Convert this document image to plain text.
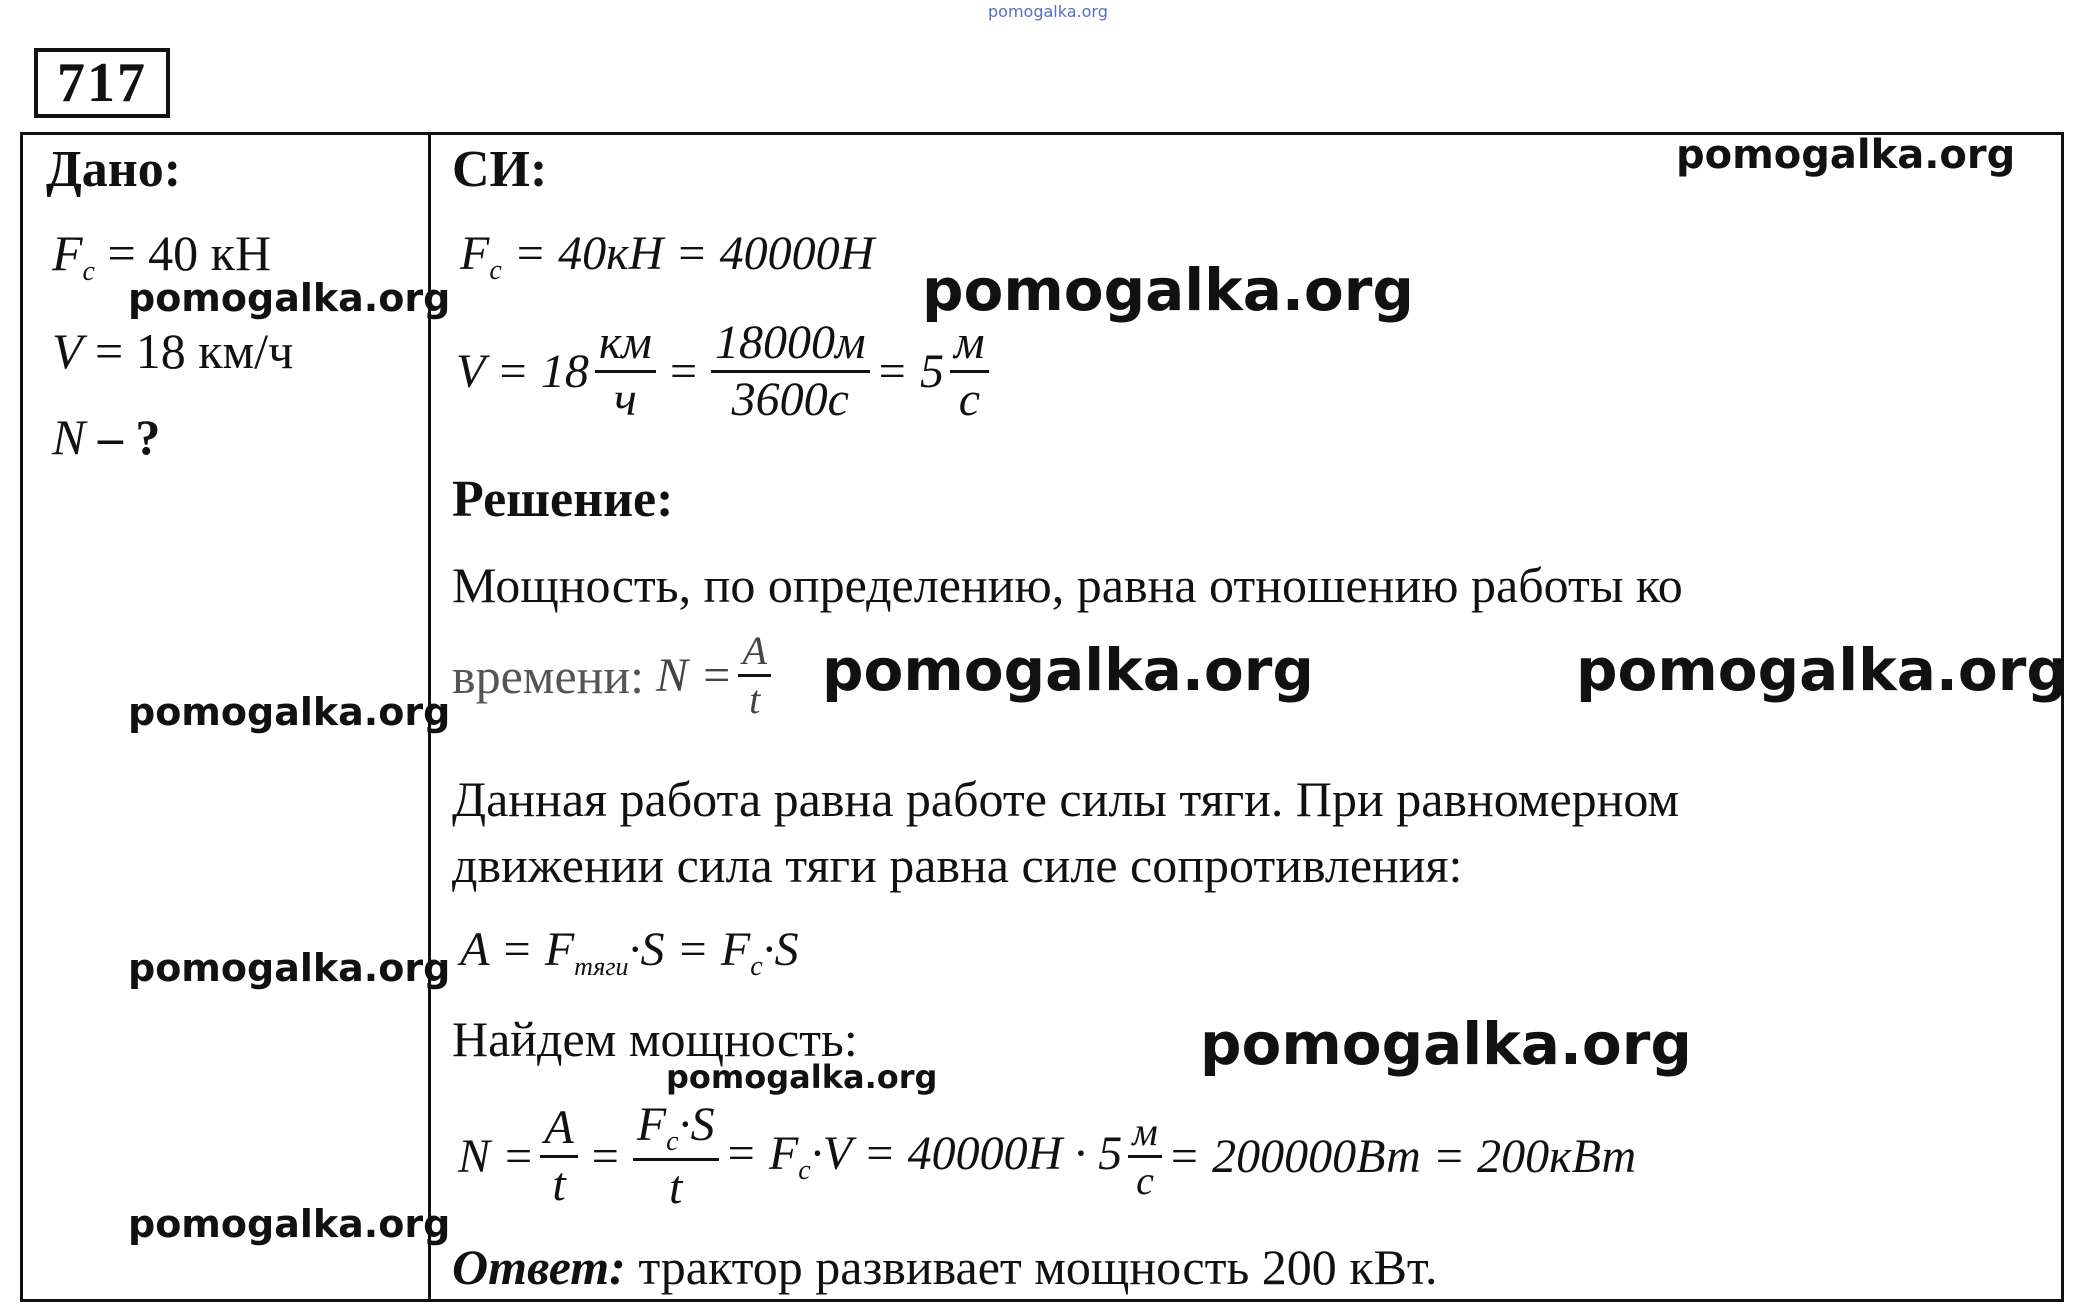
pomogalka.org
717
Дано:
$F_c = 40$ кН
V = 18 км/ч
N – ?
pomogalka.org
pomogalka.org
pomogalka.org
pomogalka.org
СИ:	pomogalka.org
$F_c = 40кН = 40000Н$
pomogalka.org
$V = 18 \frac{км}{ч} = \frac{18000м}{3600с} = 5 \frac{м}{с}$
Решение:
Мощность, по определению, равна отношению работы ко
времени: $N = \frac{A}{t}$ pomogalka.org	pomogalka.org
Данная работа равна работе силы тяги. При равномерном
движении сила тяги равна силе сопротивления:
$A = F_{тяги}\cdot S = F_c\cdot S$
Найдем мощность:	pomogalka.org
pomogalka.org
$N = \frac{A}{t} = \frac{F_c\cdot S}{t} = F_c\cdot V = 40000Н \cdot 5 \frac{м}{с} = 200000Вт = 200кВт$
Ответ: трактор развивает мощность 200 кВт.
